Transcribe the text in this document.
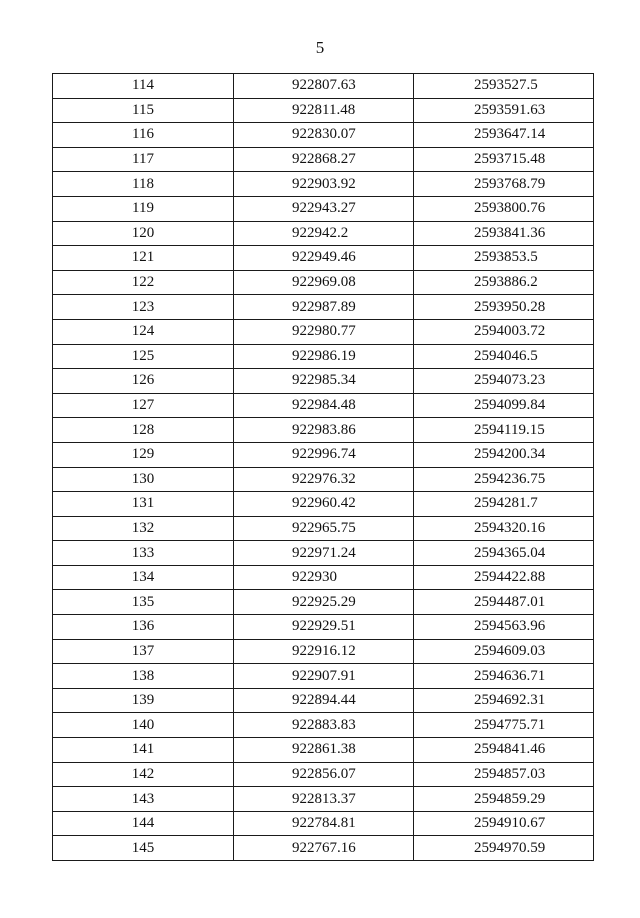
5
114	922807.63	2593527.5
115	922811.48	2593591.63
116	922830.07	2593647.14
117	922868.27	2593715.48
118	922903.92	2593768.79
119	922943.27	2593800.76
120	922942.2	2593841.36
121	922949.46	2593853.5
122	922969.08	2593886.2
123	922987.89	2593950.28
124	922980.77	2594003.72
125	922986.19	2594046.5
126	922985.34	2594073.23
127	922984.48	2594099.84
128	922983.86	2594119.15
129	922996.74	2594200.34
130	922976.32	2594236.75
131	922960.42	2594281.7
132	922965.75	2594320.16
133	922971.24	2594365.04
134	922930	2594422.88
135	922925.29	2594487.01
136	922929.51	2594563.96
137	922916.12	2594609.03
138	922907.91	2594636.71
139	922894.44	2594692.31
140	922883.83	2594775.71
141	922861.38	2594841.46
142	922856.07	2594857.03
143	922813.37	2594859.29
144	922784.81	2594910.67
145	922767.16	2594970.59
